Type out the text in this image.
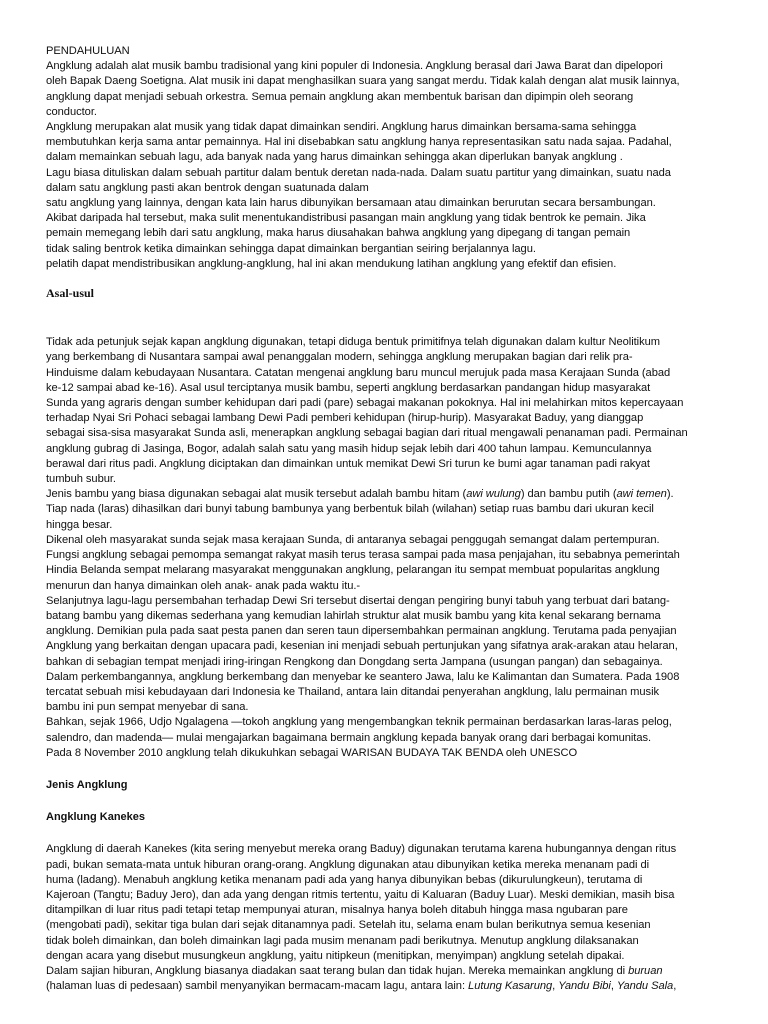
PENDAHULUAN
Angklung adalah alat musik bambu tradisional yang kini populer di Indonesia. Angklung berasal dari Jawa Barat dan dipelopori
oleh Bapak Daeng Soetigna. Alat musik ini dapat menghasilkan suara yang sangat merdu. Tidak kalah dengan alat musik lainnya,
angklung dapat menjadi sebuah orkestra. Semua pemain angklung akan membentuk barisan dan dipimpin oleh seorang
conductor.
Angklung merupakan alat musik yang tidak dapat dimainkan sendiri. Angklung harus dimainkan bersama-sama sehingga
membutuhkan kerja sama antar pemainnya. Hal ini disebabkan satu angklung hanya representasikan satu nada sajaa. Padahal,
dalam memainkan sebuah lagu, ada banyak nada yang harus dimainkan sehingga akan diperlukan banyak angklung .
Lagu biasa dituliskan dalam sebuah partitur dalam bentuk deretan nada-nada. Dalam suatu partitur yang dimainkan, suatu nada
dalam satu angklung pasti akan bentrok dengan suatunada dalam
satu angklung yang lainnya, dengan kata lain harus dibunyikan bersamaan atau dimainkan berurutan secara bersambungan.
Akibat daripada hal tersebut, maka sulit menentukandistribusi pasangan main angklung yang tidak bentrok ke pemain. Jika
pemain memegang lebih dari satu angklung, maka harus diusahakan bahwa angklung yang dipegang di tangan pemain
tidak saling bentrok ketika dimainkan sehingga dapat dimainkan bergantian seiring berjalannya lagu.
pelatih dapat mendistribusikan angklung-angklung, hal ini akan mendukung latihan angklung yang efektif dan efisien.
Asal-usul
Tidak ada petunjuk sejak kapan angklung digunakan, tetapi diduga bentuk primitifnya telah digunakan dalam kultur Neolitikum
yang berkembang di Nusantara sampai awal penanggalan modern, sehingga angklung merupakan bagian dari relik pra-
Hinduisme dalam kebudayaan Nusantara. Catatan mengenai angklung baru muncul merujuk pada masa Kerajaan Sunda (abad
ke-12 sampai abad ke-16). Asal usul terciptanya musik bambu, seperti angklung berdasarkan pandangan hidup masyarakat
Sunda yang agraris dengan sumber kehidupan dari padi (pare) sebagai makanan pokoknya. Hal ini melahirkan mitos kepercayaan
terhadap Nyai Sri Pohaci sebagai lambang Dewi Padi pemberi kehidupan (hirup-hurip). Masyarakat Baduy, yang dianggap
sebagai sisa-sisa masyarakat Sunda asli, menerapkan angklung sebagai bagian dari ritual mengawali penanaman padi. Permainan
angklung gubrag di Jasinga, Bogor, adalah salah satu yang masih hidup sejak lebih dari 400 tahun lampau. Kemunculannya
berawal dari ritus padi. Angklung diciptakan dan dimainkan untuk memikat Dewi Sri turun ke bumi agar tanaman padi rakyat
tumbuh subur.
Jenis bambu yang biasa digunakan sebagai alat musik tersebut adalah bambu hitam (awi wulung) dan bambu putih (awi temen).
Tiap nada (laras) dihasilkan dari bunyi tabung bambunya yang berbentuk bilah (wilahan) setiap ruas bambu dari ukuran kecil
hingga besar.
Dikenal oleh masyarakat sunda sejak masa kerajaan Sunda, di antaranya sebagai penggugah semangat dalam pertempuran.
Fungsi angklung sebagai pemompa semangat rakyat masih terus terasa sampai pada masa penjajahan, itu sebabnya pemerintah
Hindia Belanda sempat melarang masyarakat menggunakan angklung, pelarangan itu sempat membuat popularitas angklung
menurun dan hanya dimainkan oleh anak- anak pada waktu itu.-
Selanjutnya lagu-lagu persembahan terhadap Dewi Sri tersebut disertai dengan pengiring bunyi tabuh yang terbuat dari batang-
batang bambu yang dikemas sederhana yang kemudian lahirlah struktur alat musik bambu yang kita kenal sekarang bernama
angklung. Demikian pula pada saat pesta panen dan seren taun dipersembahkan permainan angklung. Terutama pada penyajian
Angklung yang berkaitan dengan upacara padi, kesenian ini menjadi sebuah pertunjukan yang sifatnya arak-arakan atau helaran,
bahkan di sebagian tempat menjadi iring-iringan Rengkong dan Dongdang serta Jampana (usungan pangan) dan sebagainya.
Dalam perkembangannya, angklung berkembang dan menyebar ke seantero Jawa, lalu ke Kalimantan dan Sumatera. Pada 1908
tercatat sebuah misi kebudayaan dari Indonesia ke Thailand, antara lain ditandai penyerahan angklung, lalu permainan musik
bambu ini pun sempat menyebar di sana.
Bahkan, sejak 1966, Udjo Ngalagena —tokoh angklung yang mengembangkan teknik permainan berdasarkan laras-laras pelog,
salendro, dan madenda— mulai mengajarkan bagaimana bermain angklung kepada banyak orang dari berbagai komunitas.
Pada 8 November 2010 angklung telah dikukuhkan sebagai WARISAN BUDAYA TAK BENDA oleh UNESCO
Jenis Angklung
Angklung Kanekes
Angklung di daerah Kanekes (kita sering menyebut mereka orang Baduy) digunakan terutama karena hubungannya dengan ritus
padi, bukan semata-mata untuk hiburan orang-orang. Angklung digunakan atau dibunyikan ketika mereka menanam padi di
huma (ladang). Menabuh angklung ketika menanam padi ada yang hanya dibunyikan bebas (dikurulungkeun), terutama di
Kajeroan (Tangtu; Baduy Jero), dan ada yang dengan ritmis tertentu, yaitu di Kaluaran (Baduy Luar). Meski demikian, masih bisa
ditampilkan di luar ritus padi tetapi tetap mempunyai aturan, misalnya hanya boleh ditabuh hingga masa ngubaran pare
(mengobati padi), sekitar tiga bulan dari sejak ditanamnya padi. Setelah itu, selama enam bulan berikutnya semua kesenian
tidak boleh dimainkan, dan boleh dimainkan lagi pada musim menanam padi berikutnya. Menutup angklung dilaksanakan
dengan acara yang disebut musungkeun angklung, yaitu nitipkeun (menitipkan, menyimpan) angklung setelah dipakai.
Dalam sajian hiburan, Angklung biasanya diadakan saat terang bulan dan tidak hujan. Mereka memainkan angklung di buruan
(halaman luas di pedesaan) sambil menyanyikan bermacam-macam lagu, antara lain: Lutung Kasarung, Yandu Bibi, Yandu Sala,
